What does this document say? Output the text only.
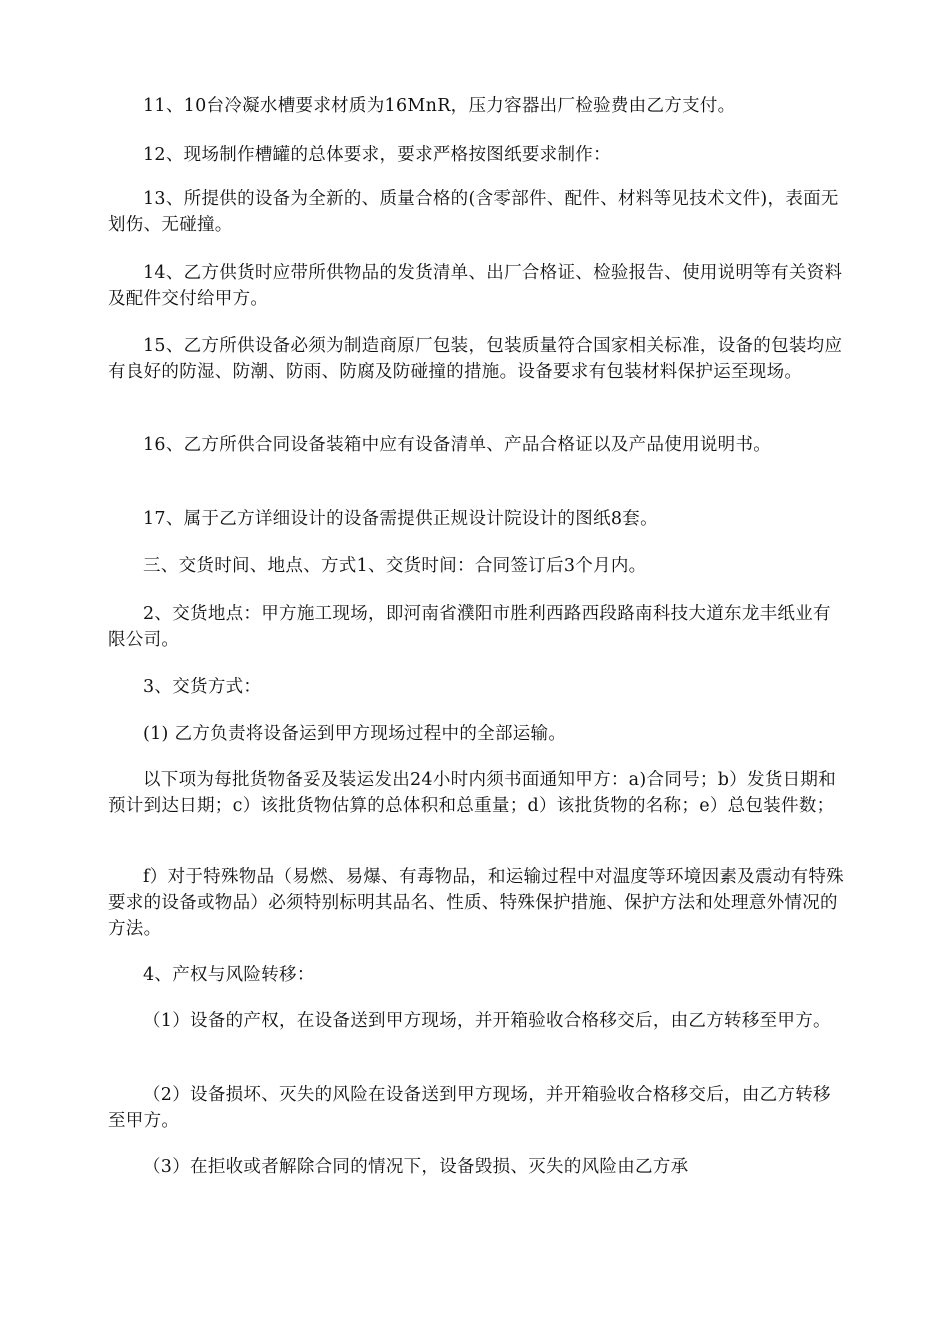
11、10台冷凝水槽要求材质为16MnR，压力容器出厂检验费由乙方支付。

12、现场制作槽罐的总体要求，要求严格按图纸要求制作：

13、所提供的设备为全新的、质量合格的(含零部件、配件、材料等见技术文件)，表面无划伤、无碰撞。

14、乙方供货时应带所供物品的发货清单、出厂合格证、检验报告、使用说明等有关资料及配件交付给甲方。

15、乙方所供设备必须为制造商原厂包装，包装质量符合国家相关标准，设备的包装均应有良好的防湿、防潮、防雨、防腐及防碰撞的措施。设备要求有包装材料保护运至现场。

16、乙方所供合同设备装箱中应有设备清单、产品合格证以及产品使用说明书。

17、属于乙方详细设计的设备需提供正规设计院设计的图纸8套。

三、交货时间、地点、方式1、交货时间：合同签订后3个月内。

2、交货地点：甲方施工现场，即河南省濮阳市胜利西路西段路南科技大道东龙丰纸业有限公司。

3、交货方式：

(1) 乙方负责将设备运到甲方现场过程中的全部运输。

以下项为每批货物备妥及装运发出24小时内须书面通知甲方：a)合同号；b）发货日期和预计到达日期；c）该批货物估算的总体积和总重量；d）该批货物的名称；e）总包装件数；

f）对于特殊物品（易燃、易爆、有毒物品，和运输过程中对温度等环境因素及震动有特殊要求的设备或物品）必须特别标明其品名、性质、特殊保护措施、保护方法和处理意外情况的方法。

4、产权与风险转移：

（1）设备的产权，在设备送到甲方现场，并开箱验收合格移交后，由乙方转移至甲方。

（2）设备损坏、灭失的风险在设备送到甲方现场，并开箱验收合格移交后，由乙方转移至甲方。

（3）在拒收或者解除合同的情况下，设备毁损、灭失的风险由乙方承
